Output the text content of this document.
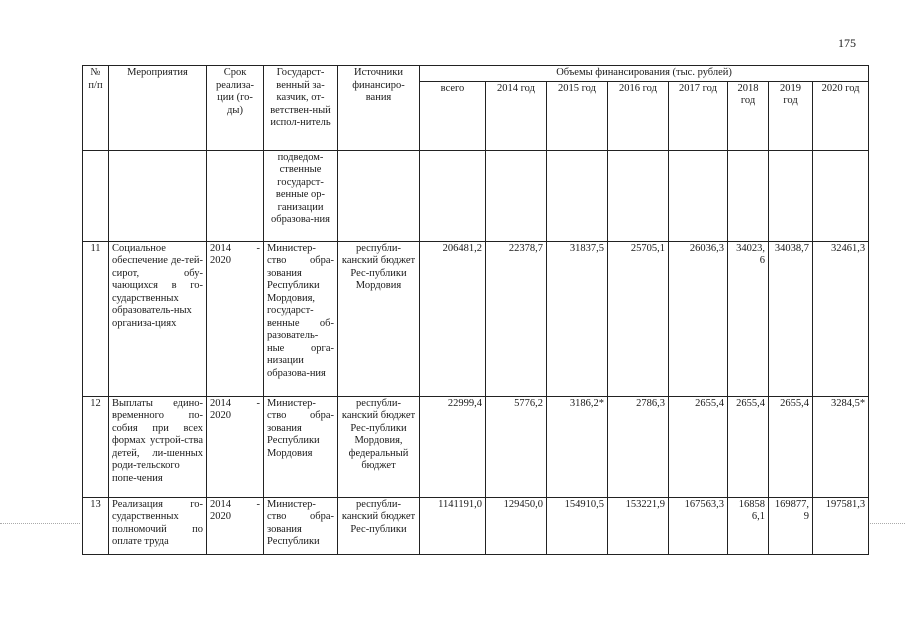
175
№ п/п	Мероприятия	Срок реализа-ции (го-ды)	Государст-венный за-казчик, от-ветствен-ный испол-нитель	Источники финансиро-вания	Объемы финансирования (тыс. рублей)							
					всего	2014 год	2015 год	2016 год	2017 год	2018 год	2019 год	2020 год
			подведом-ственные государст-венные ор-ганизации образова-ния									
11	Социальное обеспечение де-тей-сирот, обу-чающихся в го-сударственных образователь-ных организа-циях	2014 - 2020	Министер-ство обра-зования Республики Мордовия, государст-венные об-разователь-ные орга-низации образова-ния	республи-канский бюджет Рес-публики Мордовия	206481,2	22378,7	31837,5	25705,1	26036,3	34023,6	34038,7	32461,3
12	Выплаты едино-временного по-собия при всех формах устрой-ства детей, ли-шенных роди-тельского попе-чения	2014 - 2020	Министер-ство обра-зования Республики Мордовия	республи-канский бюджет Рес-публики Мордовия, федеральный бюджет	22999,4	5776,2	3186,2*	2786,3	2655,4	2655,4	2655,4	3284,5*
13	Реализация го-сударственных полномочий по оплате труда	2014 - 2020	Министер-ство обра-зования Республики	республи-канский бюджет Рес-публики	1141191,0	129450,0	154910,5	153221,9	167563,3	168586,1	169877,9	197581,3
